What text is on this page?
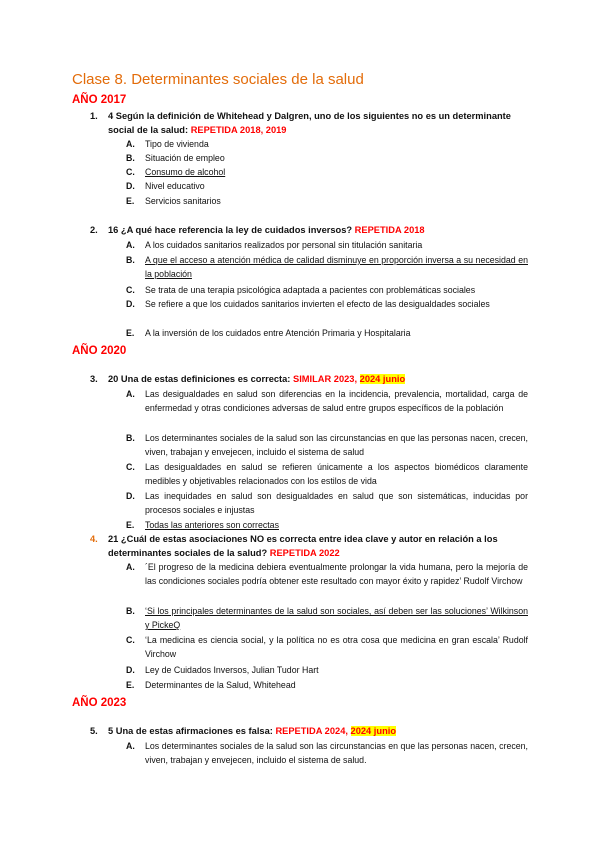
Clase 8. Determinantes sociales de la salud
AÑO 2017
1. 4 Según la definición de Whitehead y Dalgren, uno de los siguientes no es un determinante social de la salud: REPETIDA 2018, 2019
A. Tipo de vivienda
B. Situación de empleo
C. Consumo de alcohol
D. Nivel educativo
E. Servicios sanitarios
2. 16 ¿A qué hace referencia la ley de cuidados inversos? REPETIDA 2018
A. A los cuidados sanitarios realizados por personal sin titulación sanitaria
B. A que el acceso a atención médica de calidad disminuye en proporción inversa a su necesidad en la población
C. Se trata de una terapia psicológica adaptada a pacientes con problemáticas sociales
D. Se refiere a que los cuidados sanitarios invierten el efecto de las desigualdades sociales
E. A la inversión de los cuidados entre Atención Primaria y Hospitalaria
AÑO 2020
3. 20 Una de estas definiciones es correcta: SIMILAR 2023, 2024 junio
A. Las desigualdades en salud son diferencias en la incidencia, prevalencia, mortalidad, carga de enfermedad y otras condiciones adversas de salud entre grupos específicos de la población
B. Los determinantes sociales de la salud son las circunstancias en que las personas nacen, crecen, viven, trabajan y envejecen, incluido el sistema de salud
C. Las desigualdades en salud se refieren únicamente a los aspectos biomédicos claramente medibles y objetivables relacionados con los estilos de vida
D. Las inequidades en salud son desigualdades en salud que son sistemáticas, inducidas por procesos sociales e injustas
E. Todas las anteriores son correctas
4. 21 ¿Cuál de estas asociaciones NO es correcta entre idea clave y autor en relación a los determinantes sociales de la salud? REPETIDA 2022
A. ´El progreso de la medicina debiera eventualmente prolongar la vida humana, pero la mejoría de las condiciones sociales podría obtener este resultado con mayor éxito y rapidez’ Rudolf Virchow
B. ‘Si los principales determinantes de la salud son sociales, así deben ser las soluciones’ Wilkinson y PickeQ
C. ‘La medicina es ciencia social, y la política no es otra cosa que medicina en gran escala’ Rudolf Virchow
D. Ley de Cuidados Inversos, Julian Tudor Hart
E. Determinantes de la Salud, Whitehead
AÑO 2023
5. 5 Una de estas afirmaciones es falsa: REPETIDA 2024, 2024 junio
A. Los determinantes sociales de la salud son las circunstancias en que las personas nacen, crecen, viven, trabajan y envejecen, incluido el sistema de salud.
